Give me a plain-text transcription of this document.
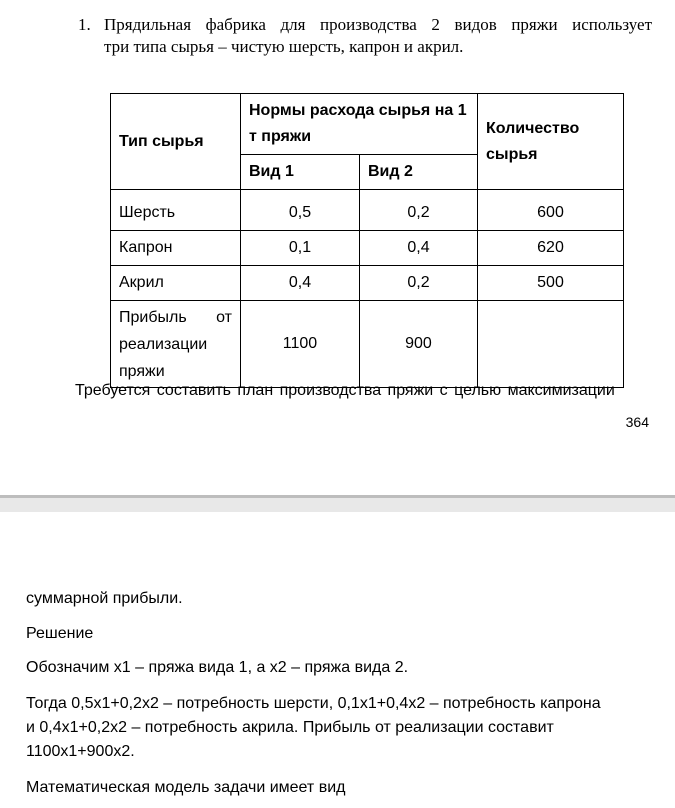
1. Прядильная фабрика для производства 2 видов пряжи использует
три типа сырья – чистую шерсть, капрон и акрил.
Тип сырья	Нормы расхода сырья на 1 т пряжи		Количество сырья
	Вид 1	Вид 2	
Шерсть	0,5	0,2	600
Капрон	0,1	0,4	620
Акрил	0,4	0,2	500
Прибыль от реализации пряжи	1100	900	
Требуется составить план производства пряжи с целью максимизации
364
суммарной прибыли.
Решение
Обозначим x1 – пряжа вида 1, а x2 – пряжа вида 2.
Тогда 0,5x1+0,2x2 – потребность шерсти, 0,1x1+0,4x2 – потребность капрона
и 0,4x1+0,2x2 – потребность акрила. Прибыль от реализации составит
1100x1+900x2.
Математическая модель задачи имеет вид
